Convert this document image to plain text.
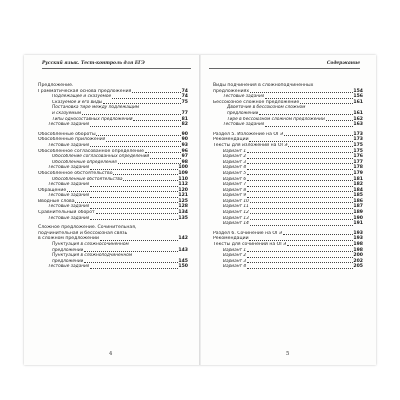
Русский язык. Тест-контроль для ЕГЭ
Предложение.
Грамматическая основа предложения	74
Подлежащее и сказуемое	74
Сказуемое и его виды	75
Постановка тире между подлежащим
и сказуемым	77
Типы односоставных предложений	81
Тестовые задания	82
Обособленные обороты	90
Обособленные приложения	90
Тестовые задания	93
Обособленное согласованное определение	96
Обособление согласованных определений	97
Обособленные определения	98
Тестовые задания	100
Обособленное обстоятельство	109
Обособленные обстоятельства	110
Тестовые задания	112
Обращение	120
Тестовые задания	121
Вводные слова	125
Тестовые задания	128
Сравнительный оборот	134
Тестовые задания	135
Сложное предложение. Сочинительная,
подчинительная и бессоюзная связь
в сложном предложении	142
Пунктуация в сложносочиненном
предложении	143
Пунктуация в сложноподчиненном
предложении	145
Тестовые задания	150
4
Содержание
Виды подчинения в сложноподчиненных
предложениях	154
Тестовые задания	156
Бессоюзное сложное предложение	161
Двоеточие в бессоюзном сложном
предложении	161
Тире в бессоюзном сложном предложении	162
Тестовые задания	163
Раздел 5. Изложение на ОГЭ	173
Рекомендации	173
Тексты для изложений на ОГЭ	175
Вариант 1	175
Вариант 2	176
Вариант 3	177
Вариант 4	178
Вариант 5	179
Вариант 6	181
Вариант 7	182
Вариант 8	184
Вариант 9	185
Вариант 10	186
Вариант 11	187
Вариант 12	189
Вариант 13	190
Вариант 14	191
Раздел 6. Сочинение на ОГЭ	193
Рекомендации	193
Тексты для сочинений на ОГЭ	198
Вариант 1	198
Вариант 2	200
Вариант 3	202
Вариант 4	205
5
